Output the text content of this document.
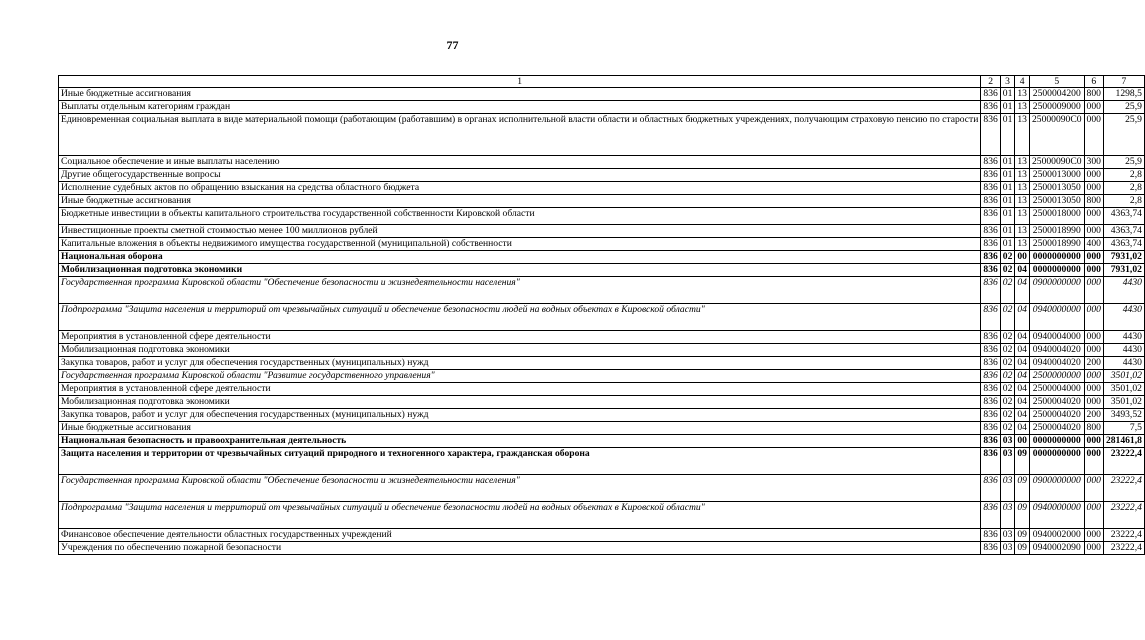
77
1	2	3	4	5	6	7
Иные бюджетные ассигнования	836	01	13	2500004200	800	1298,5
Выплаты отдельным категориям граждан	836	01	13	2500009000	000	25,9
Единовременная социальная выплата в виде материальной помощи (работающим (работавшим) в органах исполнительной власти области и областных бюджетных учреждениях, получающим страховую пенсию по старости	836	01	13	25000090C0	000	25,9
Социальное обеспечение и иные выплаты населению	836	01	13	25000090C0	300	25,9
Другие общегосударственные вопросы	836	01	13	2500013000	000	2,8
Исполнение судебных актов по обращению взыскания на средства областного бюджета	836	01	13	2500013050	000	2,8
Иные бюджетные ассигнования	836	01	13	2500013050	800	2,8
Бюджетные инвестиции в объекты капитального строительства государственной собственности Кировской области	836	01	13	2500018000	000	4363,74
Инвестиционные проекты сметной стоимостью менее 100 миллионов рублей	836	01	13	2500018990	000	4363,74
Капитальные вложения в объекты недвижимого имущества государственной (муниципальной) собственности	836	01	13	2500018990	400	4363,74
Национальная оборона	836	02	00	0000000000	000	7931,02
Мобилизационная подготовка экономики	836	02	04	0000000000	000	7931,02
Государственная программа Кировской области "Обеспечение безопасности и жизнедеятельности населения"	836	02	04	0900000000	000	4430
Подпрограмма "Защита населения и территорий от чрезвычайных ситуаций и обеспечение безопасности людей на водных объектах в Кировской области"	836	02	04	0940000000	000	4430
Мероприятия в установленной сфере деятельности	836	02	04	0940004000	000	4430
Мобилизационная подготовка экономики	836	02	04	0940004020	000	4430
Закупка товаров, работ и услуг для обеспечения государственных (муниципальных) нужд	836	02	04	0940004020	200	4430
Государственная программа Кировской области "Развитие государственного управления"	836	02	04	2500000000	000	3501,02
Мероприятия в установленной сфере деятельности	836	02	04	2500004000	000	3501,02
Мобилизационная подготовка экономики	836	02	04	2500004020	000	3501,02
Закупка товаров, работ и услуг для обеспечения государственных (муниципальных) нужд	836	02	04	2500004020	200	3493,52
Иные бюджетные ассигнования	836	02	04	2500004020	800	7,5
Национальная безопасность и правоохранительная деятельность	836	03	00	0000000000	000	281461,8
Защита населения и территории от чрезвычайных ситуаций природного и техногенного характера, гражданская оборона	836	03	09	0000000000	000	23222,4
Государственная программа Кировской области "Обеспечение безопасности и жизнедеятельности населения"	836	03	09	0900000000	000	23222,4
Подпрограмма "Защита населения и территорий от чрезвычайных ситуаций и обеспечение безопасности людей на водных объектах в Кировской области"	836	03	09	0940000000	000	23222,4
Финансовое обеспечение деятельности областных государственных учреждений	836	03	09	0940002000	000	23222,4
Учреждения по обеспечению пожарной безопасности	836	03	09	0940002090	000	23222,4
